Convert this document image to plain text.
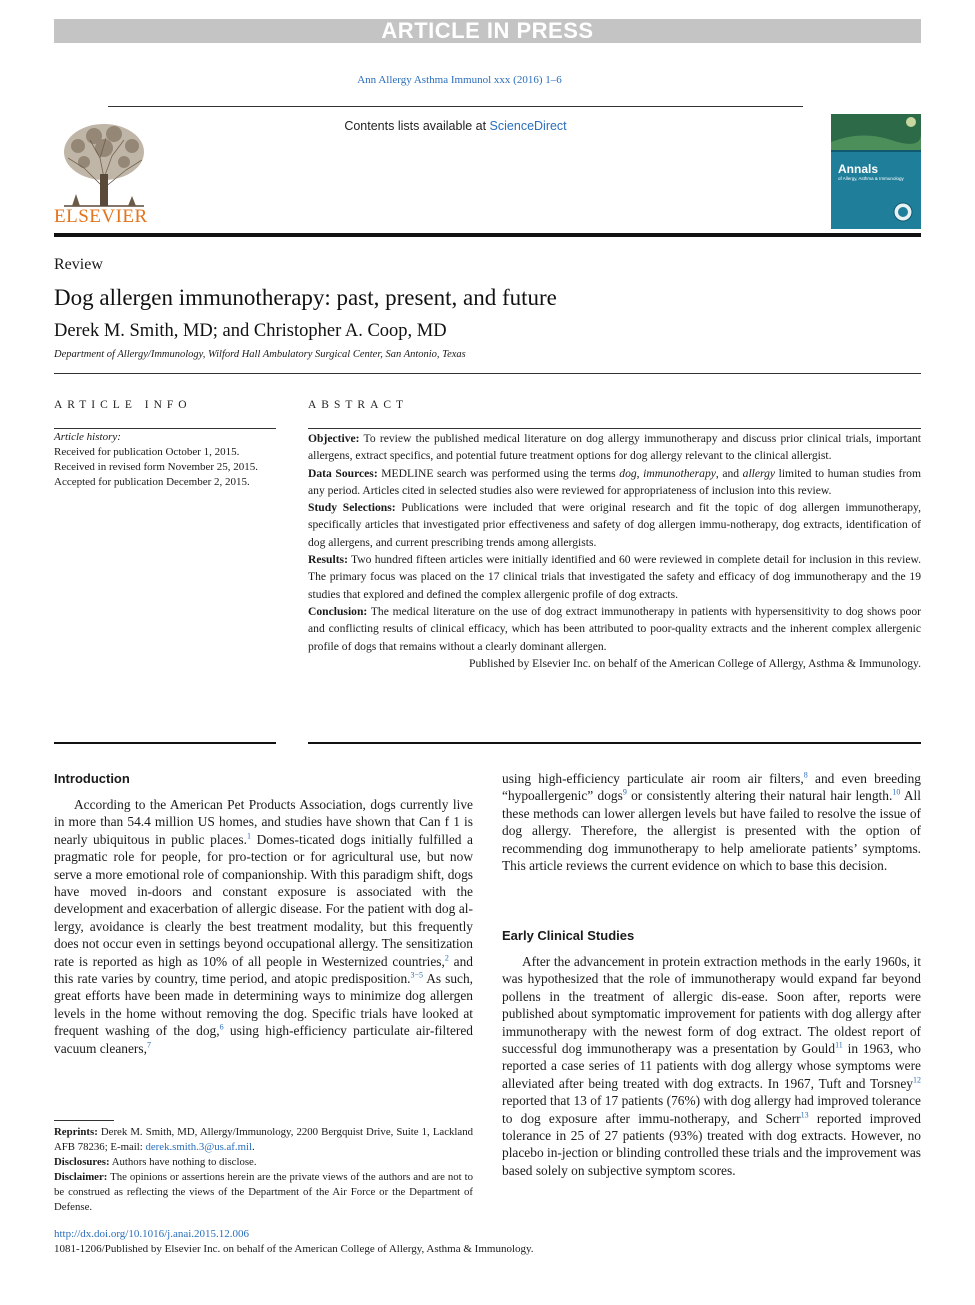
ARTICLE IN PRESS
Ann Allergy Asthma Immunol xxx (2016) 1–6
Contents lists available at ScienceDirect
ELSEVIER
Annals
of Allergy, Asthma & Immunology
Review
Dog allergen immunotherapy: past, present, and future
Derek M. Smith, MD; and Christopher A. Coop, MD
Department of Allergy/Immunology, Wilford Hall Ambulatory Surgical Center, San Antonio, Texas
ARTICLE INFO
Article history:
Received for publication October 1, 2015.
Received in revised form November 25, 2015.
Accepted for publication December 2, 2015.
ABSTRACT

Objective: To review the published medical literature on dog allergy immunotherapy and discuss prior clinical trials, important allergens, extract specifics, and potential future treatment options for dog allergy relevant to the clinical allergist.

Data Sources: MEDLINE search was performed using the terms dog, immunotherapy, and allergy limited to human studies from any period. Articles cited in selected studies also were reviewed for appropriateness of inclusion into this review.

Study Selections: Publications were included that were original research and fit the topic of dog allergen immunotherapy, specifically articles that investigated prior effectiveness and safety of dog allergen immu-notherapy, dog extracts, identification of dog allergens, and current prescribing trends among allergists.

Results: Two hundred fifteen articles were initially identified and 60 were reviewed in complete detail for inclusion in this review. The primary focus was placed on the 17 clinical trials that investigated the safety and efficacy of dog immunotherapy and the 19 studies that explored and defined the complex allergenic profile of dog extracts.

Conclusion: The medical literature on the use of dog extract immunotherapy in patients with hypersensitivity to dog shows poor and conflicting results of clinical efficacy, which has been attributed to poor-quality extracts and the inherent complex allergenic profile of dogs that remains without a clearly dominant allergen.

Published by Elsevier Inc. on behalf of the American College of Allergy, Asthma & Immunology.

Introduction

According to the American Pet Products Association, dogs currently live in more than 54.4 million US homes, and studies have shown that Can f 1 is nearly ubiquitous in public places.$^1$ Domes-ticated dogs initially fulfilled a pragmatic role for people, for pro-tection or for agricultural use, but now serve a more emotional role of companionship. With this paradigm shift, dogs have moved in-doors and constant exposure is associated with the development and exacerbation of allergic disease. For the patient with dog al-lergy, avoidance is clearly the best treatment modality, but this frequently does not occur even in settings beyond occupational allergy. The sensitization rate is reported as high as 10% of all people in Westernized countries,$^2$ and this rate varies by country, time period, and atopic predisposition.$^{3-5}$ As such, great efforts have been made in determining ways to minimize dog allergen levels in the home without removing the dog. Specific trials have looked at frequent washing of the dog,$^6$ using high-efficiency particulate air-filtered vacuum cleaners,$^7$

using high-efficiency particulate air room air filters,$^8$ and even breeding “hypoallergenic” dogs$^9$ or consistently altering their natural hair length.$^{10}$ All these methods can lower allergen levels but have failed to resolve the issue of dog allergy. Therefore, the allergist is presented with the option of recommending dog immunotherapy to help ameliorate patients’ symptoms. This article reviews the current evidence on which to base this decision.
Early Clinical Studies

After the advancement in protein extraction methods in the early 1960s, it was hypothesized that the role of immunotherapy would expand far beyond pollens in the treatment of allergic dis-ease. Soon after, reports were published about symptomatic improvement for patients with dog allergy after immunotherapy with the newest form of dog extract. The oldest report of successful dog immunotherapy was a presentation by Gould$^{11}$ in 1963, who reported a case series of 11 patients with dog allergy whose symptoms were alleviated after being treated with dog extracts. In 1967, Tuft and Torsney$^{12}$ reported that 13 of 17 patients (76%) with dog allergy had improved tolerance to dog exposure after immu-notherapy, and Scherr$^{13}$ reported improved tolerance in 25 of 27 patients (93%) treated with dog extracts. However, no placebo in-jection or blinding controlled these trials and the improvement was based solely on subjective symptom scores.

Reprints: Derek M. Smith, MD, Allergy/Immunology, 2200 Bergquist Drive, Suite 1, Lackland AFB 78236; E-mail: derek.smith.3@us.af.mil.
Disclosures: Authors have nothing to disclose.
Disclaimer: The opinions or assertions herein are the private views of the authors and are not to be construed as reflecting the views of the Department of the Air Force or the Department of Defense.
http://dx.doi.org/10.1016/j.anai.2015.12.006
1081-1206/Published by Elsevier Inc. on behalf of the American College of Allergy, Asthma & Immunology.
